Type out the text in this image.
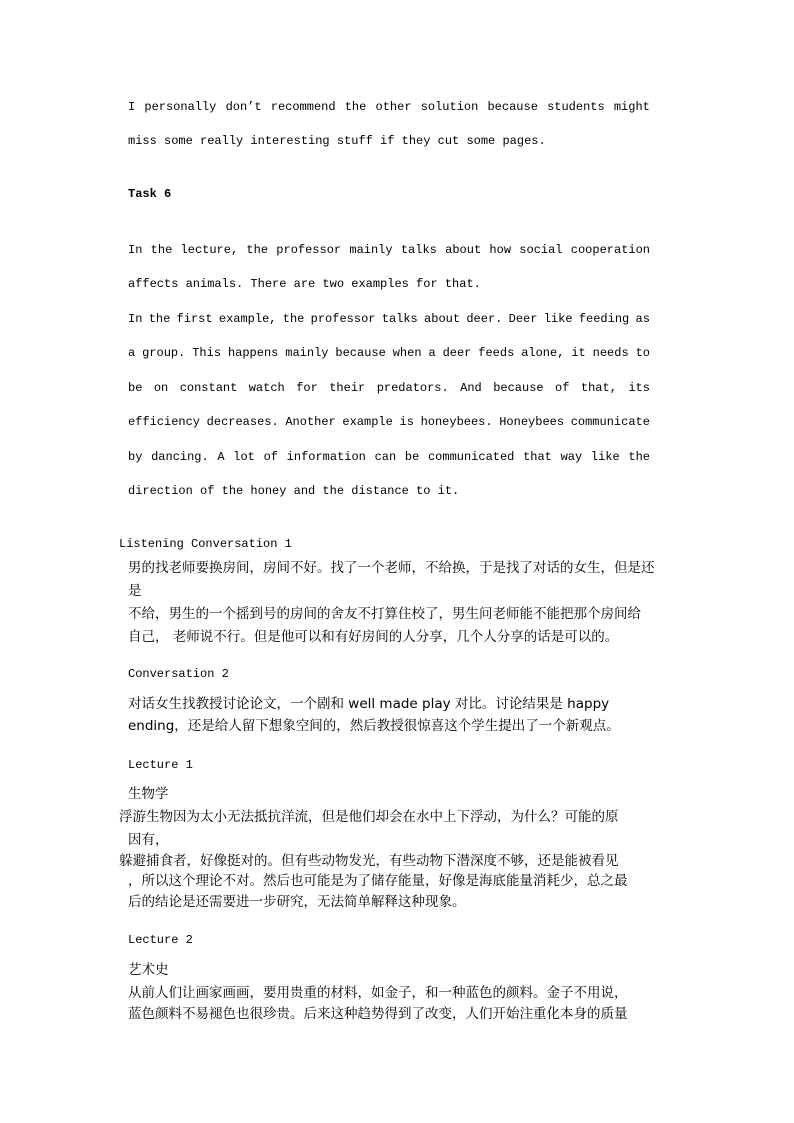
I personally don’t recommend the other solution because students might
miss some really interesting stuff if they cut some pages.
Task 6
In the lecture, the professor mainly talks about how social cooperation
affects animals. There are two examples for that.
In the first example, the professor talks about deer. Deer like feeding as
a group. This happens mainly because when a deer feeds alone, it needs to
be on constant watch for their predators. And because of that, its
efficiency decreases. Another example is honeybees. Honeybees communicate
by dancing. A lot of information can be communicated that way like the
direction of the honey and the distance to it.
Listening Conversation 1
男的找老师要换房间，房间不好。找了一个老师，不给换，于是找了对话的女生，但是还
是
不给，男生的一个摇到号的房间的舍友不打算住校了，男生问老师能不能把那个房间给
自己， 老师说不行。但是他可以和有好房间的人分享，几个人分享的话是可以的。
Conversation 2
对话女生找教授讨论论文，一个剧和 well made play 对比。讨论结果是 happy
ending，还是给人留下想象空间的，然后教授很惊喜这个学生提出了一个新观点。
Lecture 1
生物学
浮游生物因为太小无法抵抗洋流，但是他们却会在水中上下浮动，为什么？可能的原
因有，
躲避捕食者，好像挺对的。但有些动物发光，有些动物下潜深度不够，还是能被看见
，所以这个理论不对。然后也可能是为了储存能量，好像是海底能量消耗少，总之最
后的结论是还需要进一步研究，无法简单解释这种现象。
Lecture 2
艺术史
从前人们让画家画画，要用贵重的材料，如金子，和一种蓝色的颜料。金子不用说，
蓝色颜料不易褪色也很珍贵。后来这种趋势得到了改变，人们开始注重化本身的质量
